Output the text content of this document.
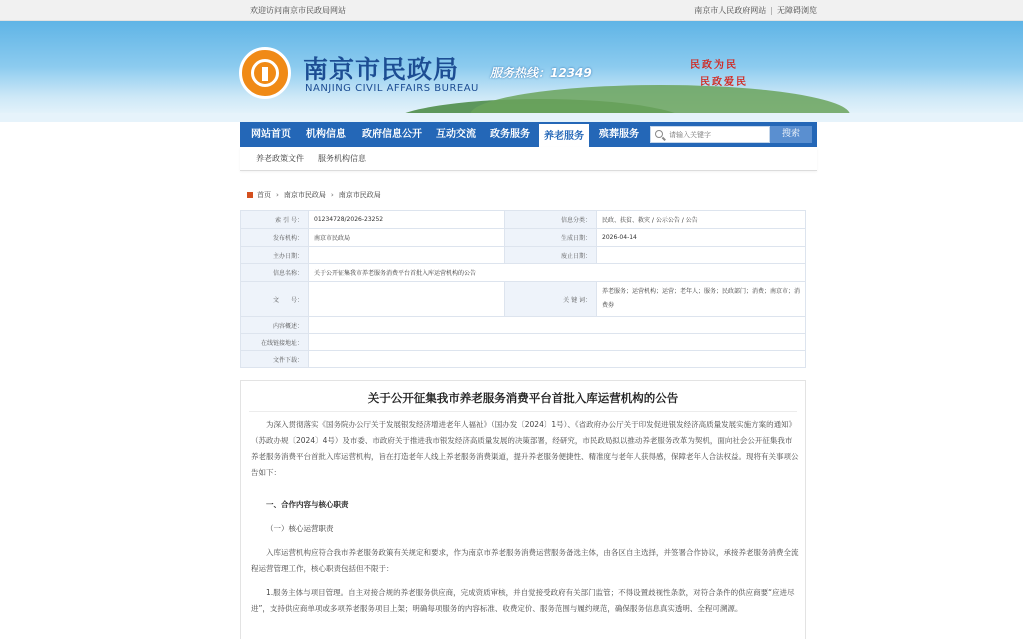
欢迎访问南京市民政局网站	南京市人民政府网站 | 无障碍浏览
南京市民政局
NANJING CIVIL AFFAIRS BUREAU
服务热线：12349
民政为民
民政爱民
网站首页	机构信息	政府信息公开	互动交流	政务服务	养老服务	殡葬服务
请输入关键字	搜索
养老政策文件 服务机构信息
首页 › 南京市民政局 › 南京市民政局
索 引 号：	01234728/2026-23252	信息分类：	民政、扶贫、救灾 / 公示公告 / 公告
发布机构：	南京市民政局	生成日期：	2026-04-14
主办日期：		废止日期：	
信息名称：	关于公开征集我市养老服务消费平台首批入库运营机构的公告		
文　　号：		关 键 词：	养老服务；运营机构；运营；老年人；服务；民政部门；消费；南京市；消费券
内容概述：			
在线链接地址：			
文件下载：			
关于公开征集我市养老服务消费平台首批入库运营机构的公告

为深入贯彻落实《国务院办公厅关于发展银发经济增进老年人福祉》（国办发〔2024〕1号）、《省政府办公厅关于印发促进银发经济高质量发展实施方案的通知》（苏政办规〔2024〕4号）及市委、市政府关于推进我市银发经济高质量发展的决策部署，经研究，市民政局拟以推动养老服务改革为契机，面向社会公开征集我市养老服务消费平台首批入库运营机构，旨在打造老年人线上养老服务消费渠道，提升养老服务便捷性、精准度与老年人获得感，保障老年人合法权益。现将有关事项公告如下：

一、合作内容与核心职责

（一）核心运营职责

入库运营机构应符合我市养老服务政策有关规定和要求，作为南京市养老服务消费运营服务备选主体，由各区自主选择，并签署合作协议，承接养老服务消费全流程运营管理工作，核心职责包括但不限于：

1.服务主体与项目管理。自主对接合规的养老服务供应商，完成资质审核，并自觉接受政府有关部门监管；不得设置歧视性条款，对符合条件的供应商要“应进尽进”，支持供应商单项或多项养老服务项目上架；明确每项服务的内容标准、收费定价、服务范围与履约规范，确保服务信息真实透明、全程可溯源。
